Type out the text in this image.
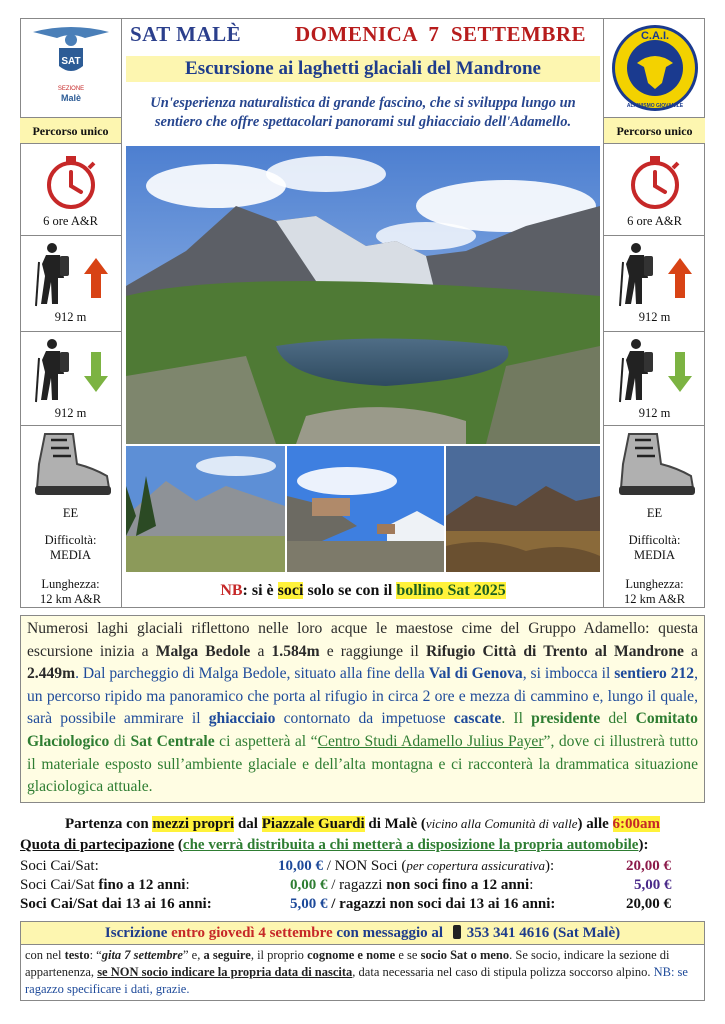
SAT
SEZIONE
Malè
Percorso unico
6 ore A&R
912 m
912 m
EE
Difficoltà:
MEDIA
Lunghezza:
12 km A&R
C.A.I.
ALPINISMO GIOVANILE
Percorso unico
6 ore A&R
912 m
912 m
EE
Difficoltà:
MEDIA
Lunghezza:
12 km A&R
SAT MALÈ	DOMENICA  7  SETTEMBRE
Escursione ai laghetti glaciali del Mandrone
Un'esperienza naturalistica di grande fascino, che si sviluppa lungo un sentiero che offre spettacolari panorami sul ghiacciaio dell'Adamello.
NB: si è soci solo se con il bollino Sat 2025
Numerosi laghi glaciali riflettono nelle loro acque le maestose cime del Gruppo Adamello: questa escursione inizia a Malga Bedole a 1.584m e raggiunge il Rifugio Città di Trento al Mandrone a 2.449m. Dal parcheggio di Malga Bedole, situato alla fine della Val di Genova, si imbocca il sentiero 212, un percorso ripido ma panoramico che porta al rifugio in circa 2 ore e mezza di cammino e, lungo il quale, sarà possibile ammirare il ghiacciaio contornato da impetuose cascate. Il presidente del Comitato Glaciologico di Sat Centrale ci aspetterà al “Centro Studi Adamello Julius Payer”, dove ci illustrerà tutto il materiale esposto sull’ambiente glaciale e dell’alta montagna e ci racconterà la drammatica situazione glaciologica attuale.
Partenza con mezzi propri dal Piazzale Guardi di Malè (vicino alla Comunità di valle) alle 6:00am
Quota di partecipazione (che verrà distribuita a chi metterà a disposizione la propria automobile):
Soci Cai/Sat:	10,00 € / NON Soci (per copertura assicurativa):	20,00 €
Soci Cai/Sat fino a 12 anni:	0,00 € / ragazzi non soci fino a 12 anni:	5,00 €
Soci Cai/Sat dai 13 ai 16 anni:	5,00 € / ragazzi non soci dai 13 ai 16 anni:	20,00 €
Iscrizione entro giovedì 4 settembre con messaggio al 353 341 4616 (Sat Malè)
con nel testo: “gita 7 settembre” e, a seguire, il proprio cognome e nome e se socio Sat o meno. Se socio, indicare la sezione di appartenenza, se NON socio indicare la propria data di nascita, data necessaria nel caso di stipula polizza soccorso alpino. NB: se ragazzo specificare i dati, grazie.
